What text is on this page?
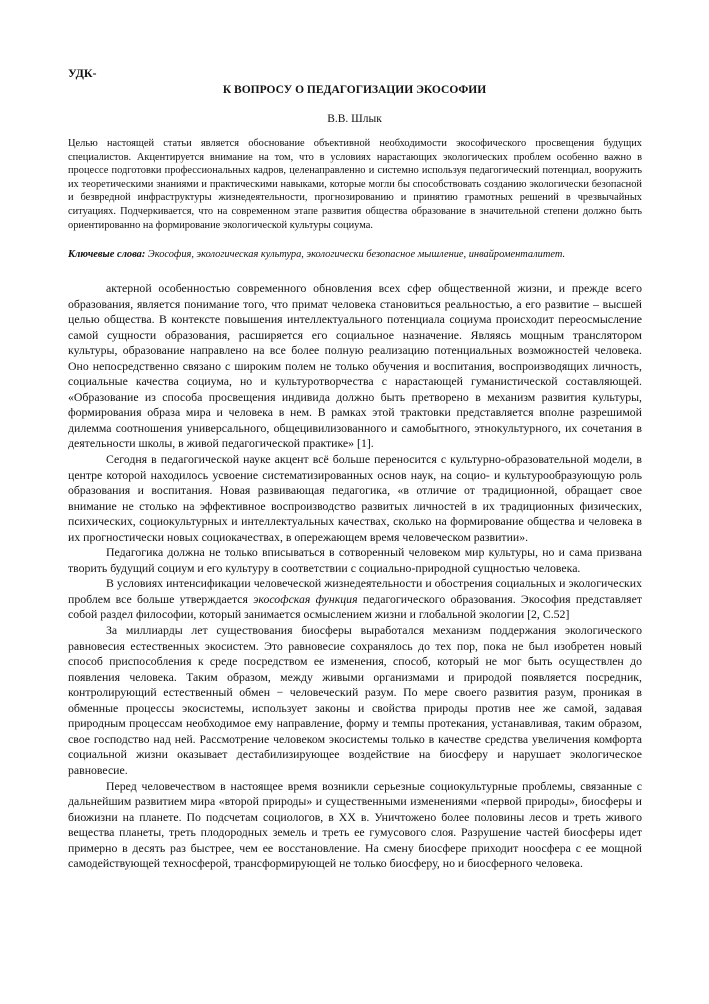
УДК-
К ВОПРОСУ О ПЕДАГОГИЗАЦИИ ЭКОСОФИИ
В.В. Шлык

Целью настоящей статьи является обоснование объективной необходимости экософического просвещения будущих специалистов. Акцентируется внимание на том, что в условиях нарастающих экологических проблем особенно важно в процессе подготовки профессиональных кадров, целенаправленно и системно используя педагогический потенциал, вооружить их теоретическими знаниями и практическими навыками, которые могли бы способствовать созданию экологически безопасной и безвредной инфраструктуры жизнедеятельности, прогнозированию и принятию грамотных решений в чрезвычайных ситуациях. Подчеркивается, что на современном этапе развития общества образование в значительной степени должно быть ориентированно на формирование экологической культуры социума.

Ключевые слова: Экософия, экологическая культура, экологически безопасное мышление, инвайроменталитет.

актерной особенностью современного обновления всех сфер общественной жизни, и прежде всего образования, является понимание того, что примат человека становиться реальностью, а его развитие – высшей целью общества. В контексте повышения интеллектуального потенциала социума происходит переосмысление самой сущности образования, расширяется его социальное назначение. Являясь мощным транслятором культуры, образование направлено на все более полную реализацию потенциальных возможностей человека. Оно непосредственно связано с широким полем не только обучения и воспитания, воспроизводящих личность, социальные качества социума, но и культуротворчества с нарастающей гуманистической составляющей. «Образование из способа просвещения индивида должно быть претворено в механизм развития культуры, формирования образа мира и человека в нем. В рамках этой трактовки представляется вполне разрешимой дилемма соотношения универсального, общецивилизованного и самобытного, этнокультурного, их сочетания в деятельности школы, в живой педагогической практике» [1].

Сегодня в педагогической науке акцент всё больше переносится с культурно-образовательной модели, в центре которой находилось усвоение систематизированных основ наук, на социо- и культурообразующую роль образования и воспитания. Новая развивающая педагогика, «в отличие от традиционной, обращает свое внимание не столько на эффективное воспроизводство развитых личностей в их традиционных физических, психических, социокультурных и интеллектуальных качествах, сколько на формирование общества и человека в их прогностически новых социокачествах, в опережающем время человеческом развитии».

Педагогика должна не только вписываться в сотворенный человеком мир культуры, но и сама призвана творить будущий социум и его культуру в соответствии с социально-природной сущностью человека.

В условиях интенсификации человеческой жизнедеятельности и обострения социальных и экологических проблем все больше утверждается экософская функция педагогического образования. Экософия представляет собой раздел философии, который занимается осмыслением жизни и глобальной экологии [2, С.52]

За миллиарды лет существования биосферы выработался механизм поддержания экологического равновесия естественных экосистем. Это равновесие сохранялось до тех пор, пока не был изобретен новый способ приспособления к среде посредством ее изменения, способ, который не мог быть осуществлен до появления человека. Таким образом, между живыми организмами и природой появляется посредник, контролирующий естественный обмен − человеческий разум. По мере своего развития разум, проникая в обменные процессы экосистемы, использует законы и свойства природы против нее же самой, задавая природным процессам необходимое ему направление, форму и темпы протекания, устанавливая, таким образом, свое господство над ней. Рассмотрение человеком экосистемы только в качестве средства увеличения комфорта социальной жизни оказывает дестабилизирующее воздействие на биосферу и нарушает экологическое равновесие.

Перед человечеством в настоящее время возникли серьезные социокультурные проблемы, связанные с дальнейшим развитием мира «второй природы» и существенными изменениями «первой природы», биосферы и биожизни на планете. По подсчетам социологов, в XX в. Уничтожено более половины лесов и треть живого вещества планеты, треть плодородных земель и треть ее гумусового слоя. Разрушение частей биосферы идет примерно в десять раз быстрее, чем ее восстановление. На смену биосфере приходит ноосфера с ее мощной самодействующей техносферой, трансформирующей не только биосферу, но и биосферного человека.
